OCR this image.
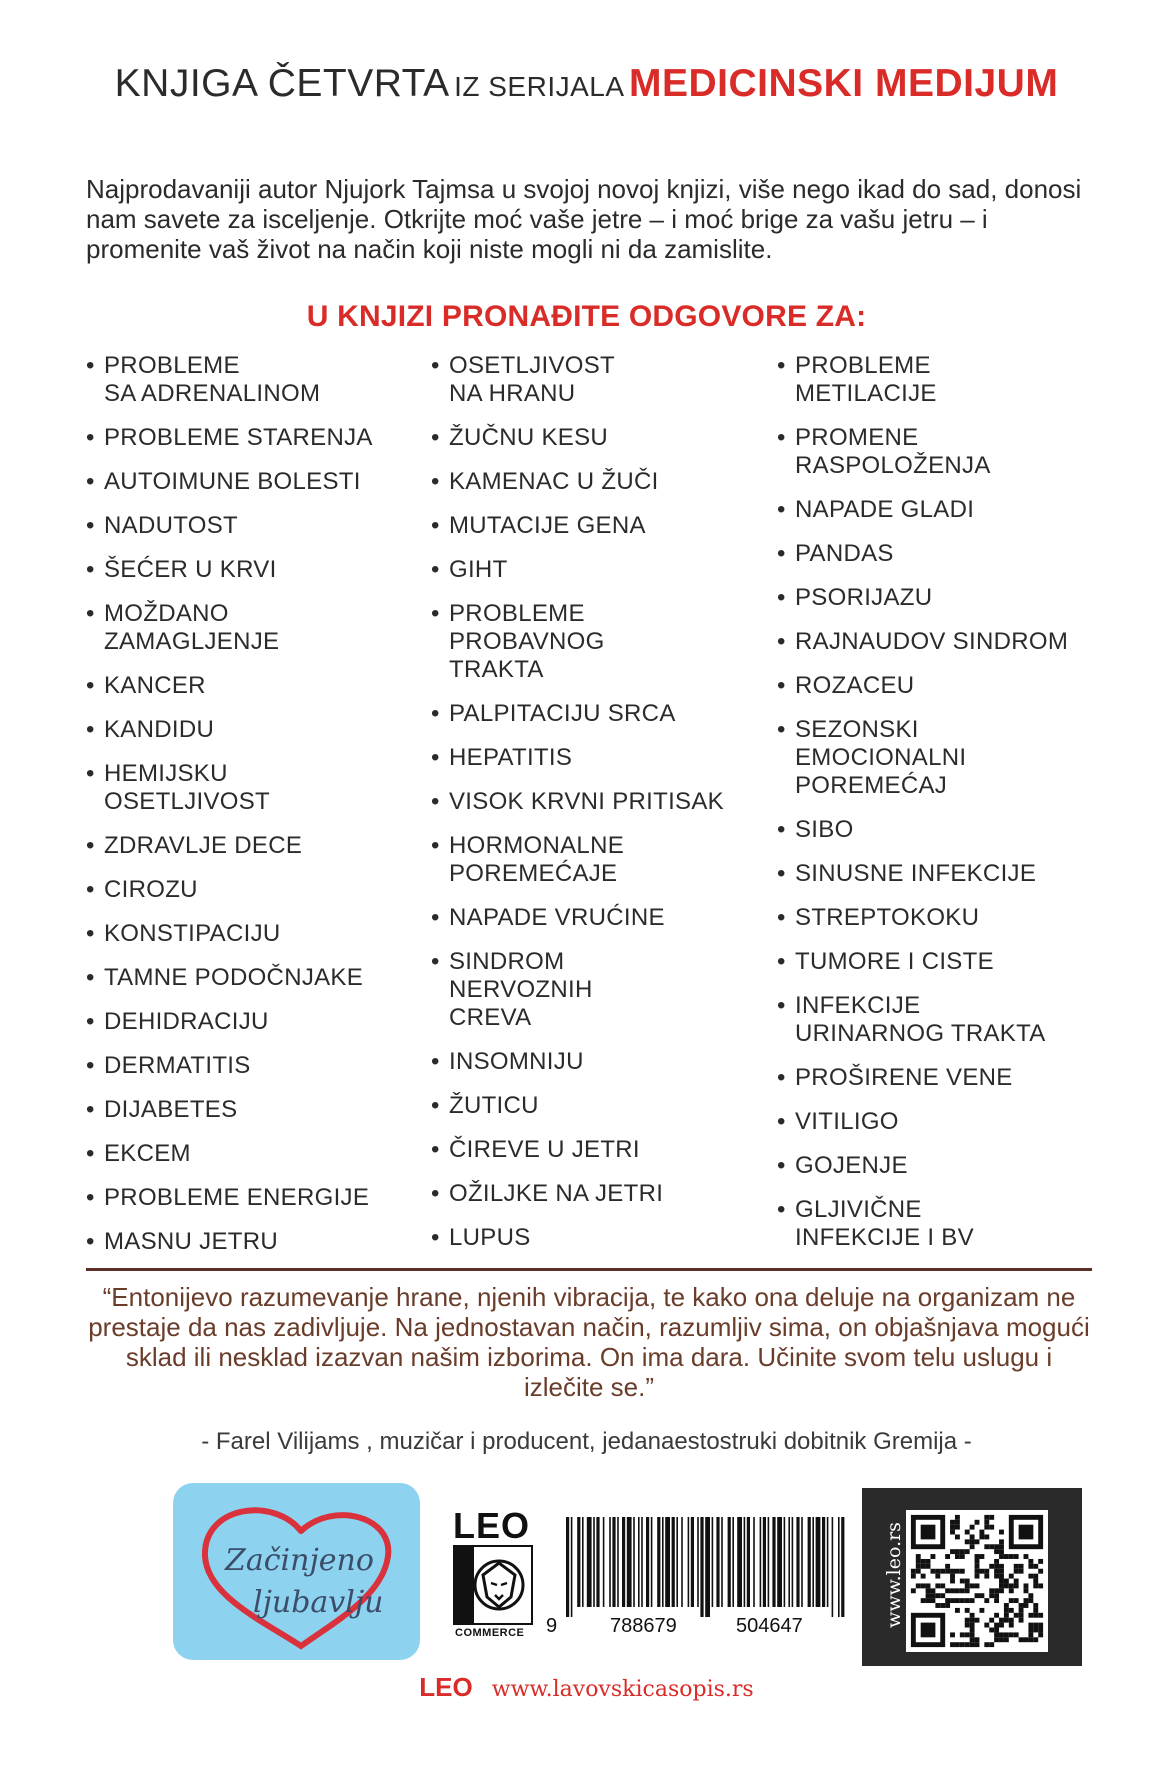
KNJIGA ČETVRTA IZ SERIJALA MEDICINSKI MEDIJUM
Najprodavaniji autor Njujork Tajmsa u svojoj novoj knjizi, više nego ikad do sad, donosi nam savete za isceljenje. Otkrijte moć vaše jetre – i moć brige za vašu jetru – i promenite vaš život na način koji niste mogli ni da zamislite.
U KNJIZI PRONAĐITE ODGOVORE ZA:
• PROBLEME
SA ADRENALINOM
• PROBLEME STARENJA
• AUTOIMUNE BOLESTI
• NADUTOST
• ŠEĆER U KRVI
• MOŽDANO
ZAMAGLJENJE
• KANCER
• KANDIDU
• HEMIJSKU
OSETLJIVOST
• ZDRAVLJE DECE
• CIROZU
• KONSTIPACIJU
• TAMNE PODOČNJAKE
• DEHIDRACIJU
• DERMATITIS
• DIJABETES
• EKCEM
• PROBLEME ENERGIJE
• MASNU JETRU
• OSETLJIVOST
NA HRANU
• ŽUČNU KESU
• KAMENAC U ŽUČI
• MUTACIJE GENA
• GIHT
• PROBLEME
PROBAVNOG
TRAKTA
• PALPITACIJU SRCA
• HEPATITIS
• VISOK KRVNI PRITISAK
• HORMONALNE
POREMEĆAJE
• NAPADE VRUĆINE
• SINDROM
NERVOZNIH
CREVA
• INSOMNIJU
• ŽUTICU
• ČIREVE U JETRI
• OŽILJKE NA JETRI
• LUPUS
• PROBLEME
METILACIJE
• PROMENE
RASPOLOŽENJA
• NAPADE GLADI
• PANDAS
• PSORIJAZU
• RAJNAUDOV SINDROM
• ROZACEU
• SEZONSKI
EMOCIONALNI
POREMEĆAJ
• SIBO
• SINUSNE INFEKCIJE
• STREPTOKOKU
• TUMORE I CISTE
• INFEKCIJE
URINARNOG TRAKTA
• PROŠIRENE VENE
• VITILIGO
• GOJENJE
• GLJIVIČNE
INFEKCIJE I BV
“Entonijevo razumevanje hrane, njenih vibracija, te kako ona deluje na organizam ne prestaje da nas zadivljuje. Na jednostavan način, razumljiv sima, on objašnjava mogući sklad ili nesklad izazvan našim izborima. On ima dara. Učinite svom telu uslugu i izlečite se.”
- Farel Vilijams , muzičar i producent, jedanaestostruki dobitnik Gremija -
Začinjeno
ljubavlju
LEO
COMMERCE 9	788679	504647	www.leo.rs
LEO www.lavovskicasopis.rs
